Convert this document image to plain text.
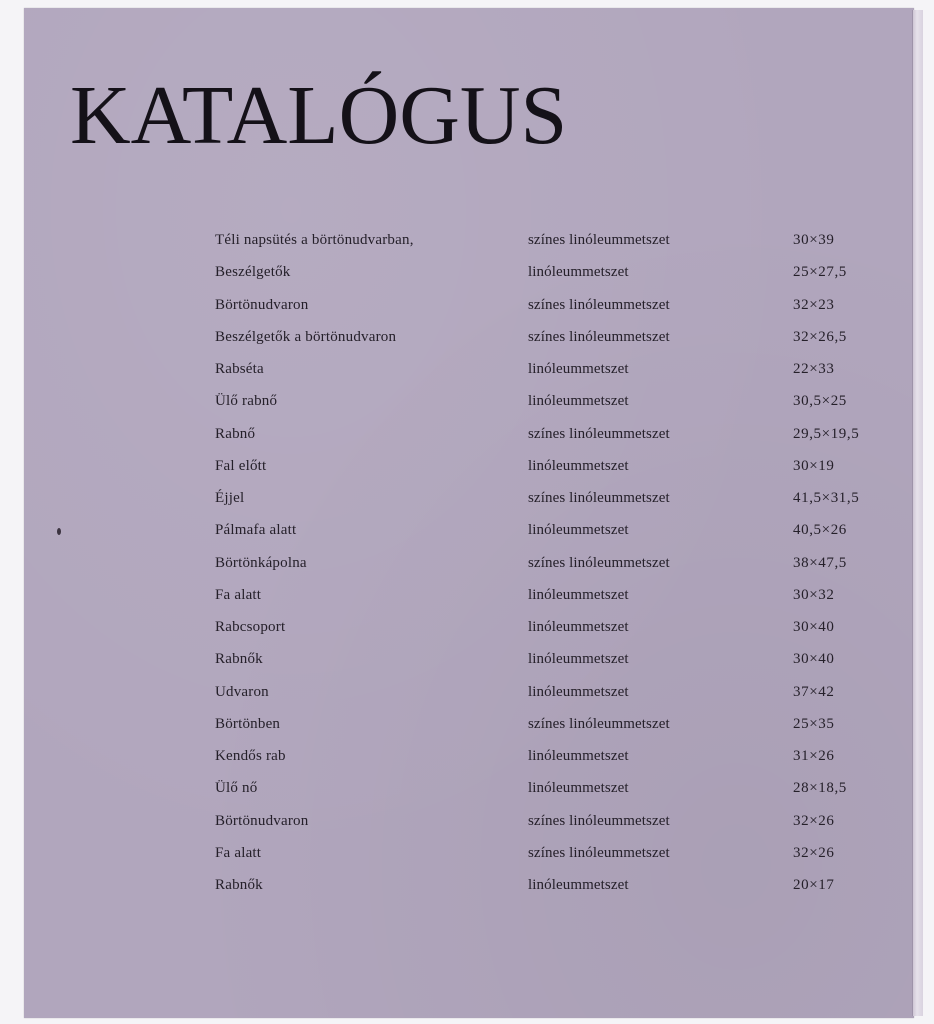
KATALÓGUS
Téli napsütés a börtönudvarban,	színes linóleummetszet	30×39
Beszélgetők	linóleummetszet	25×27,5
Börtönudvaron	színes linóleummetszet	32×23
Beszélgetők a börtönudvaron	színes linóleummetszet	32×26,5
Rabséta	linóleummetszet	22×33
Ülő rabnő	linóleummetszet	30,5×25
Rabnő	színes linóleummetszet	29,5×19,5
Fal előtt	linóleummetszet	30×19
Éjjel	színes linóleummetszet	41,5×31,5
Pálmafa alatt	linóleummetszet	40,5×26
Börtönkápolna	színes linóleummetszet	38×47,5
Fa alatt	linóleummetszet	30×32
Rabcsoport	linóleummetszet	30×40
Rabnők	linóleummetszet	30×40
Udvaron	linóleummetszet	37×42
Börtönben	színes linóleummetszet	25×35
Kendős rab	linóleummetszet	31×26
Ülő nő	linóleummetszet	28×18,5
Börtönudvaron	színes linóleummetszet	32×26
Fa alatt	színes linóleummetszet	32×26
Rabnők	linóleummetszet	20×17
